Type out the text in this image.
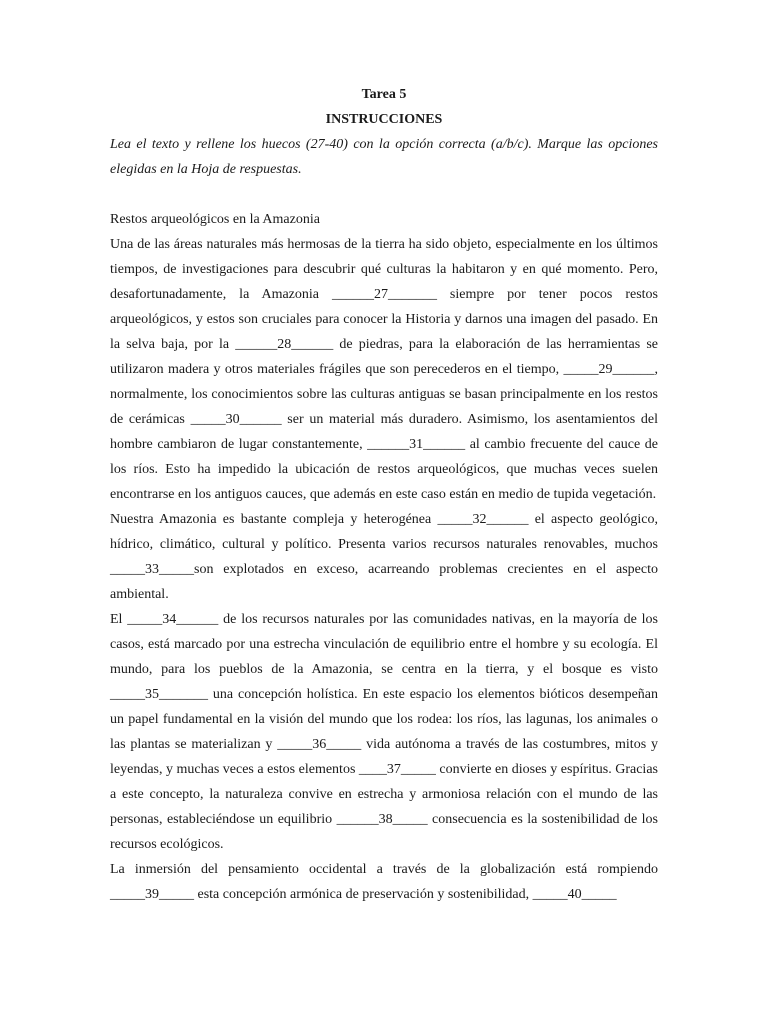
Tarea 5

INSTRUCCIONES

Lea el texto y rellene los huecos (27-40) con la opción correcta (a/b/c). Marque las opciones elegidas en la Hoja de respuestas.

Restos arqueológicos en la Amazonia

Una de las áreas naturales más hermosas de la tierra ha sido objeto, especialmente en los últimos tiempos, de investigaciones para descubrir qué culturas la habitaron y en qué momento. Pero, desafortunadamente, la Amazonia ______27_______ siempre por tener pocos restos arqueológicos, y estos son cruciales para conocer la Historia y darnos una imagen del pasado. En la selva baja, por la ______28______ de piedras, para la elaboración de las herramientas se utilizaron madera y otros materiales frágiles que son perecederos en el tiempo, _____29______, normalmente, los conocimientos sobre las culturas antiguas se basan principalmente en los restos de cerámicas _____30______ ser un material más duradero. Asimismo, los asentamientos del hombre cambiaron de lugar constantemente, ______31______ al cambio frecuente del cauce de los ríos. Esto ha impedido la ubicación de restos arqueológicos, que muchas veces suelen encontrarse en los antiguos cauces, que además en este caso están en medio de tupida vegetación.

Nuestra Amazonia es bastante compleja y heterogénea _____32______ el aspecto geológico, hídrico, climático, cultural y político. Presenta varios recursos naturales renovables, muchos _____33_____son explotados en exceso, acarreando problemas crecientes en el aspecto ambiental.

El _____34______ de los recursos naturales por las comunidades nativas, en la mayoría de los casos, está marcado por una estrecha vinculación de equilibrio entre el hombre y su ecología. El mundo, para los pueblos de la Amazonia, se centra en la tierra, y el bosque es visto _____35_______ una concepción holística. En este espacio los elementos bióticos desempeñan un papel fundamental en la visión del mundo que los rodea: los ríos, las lagunas, los animales o las plantas se materializan y _____36_____ vida autónoma a través de las costumbres, mitos y leyendas, y muchas veces a estos elementos ____37_____ convierte en dioses y espíritus. Gracias a este concepto, la naturaleza convive en estrecha y armoniosa relación con el mundo de las personas, estableciéndose un equilibrio ______38_____ consecuencia es la sostenibilidad de los recursos ecológicos.

La inmersión del pensamiento occidental a través de la globalización está rompiendo _____39_____ esta concepción armónica de preservación y sostenibilidad, _____40_____
